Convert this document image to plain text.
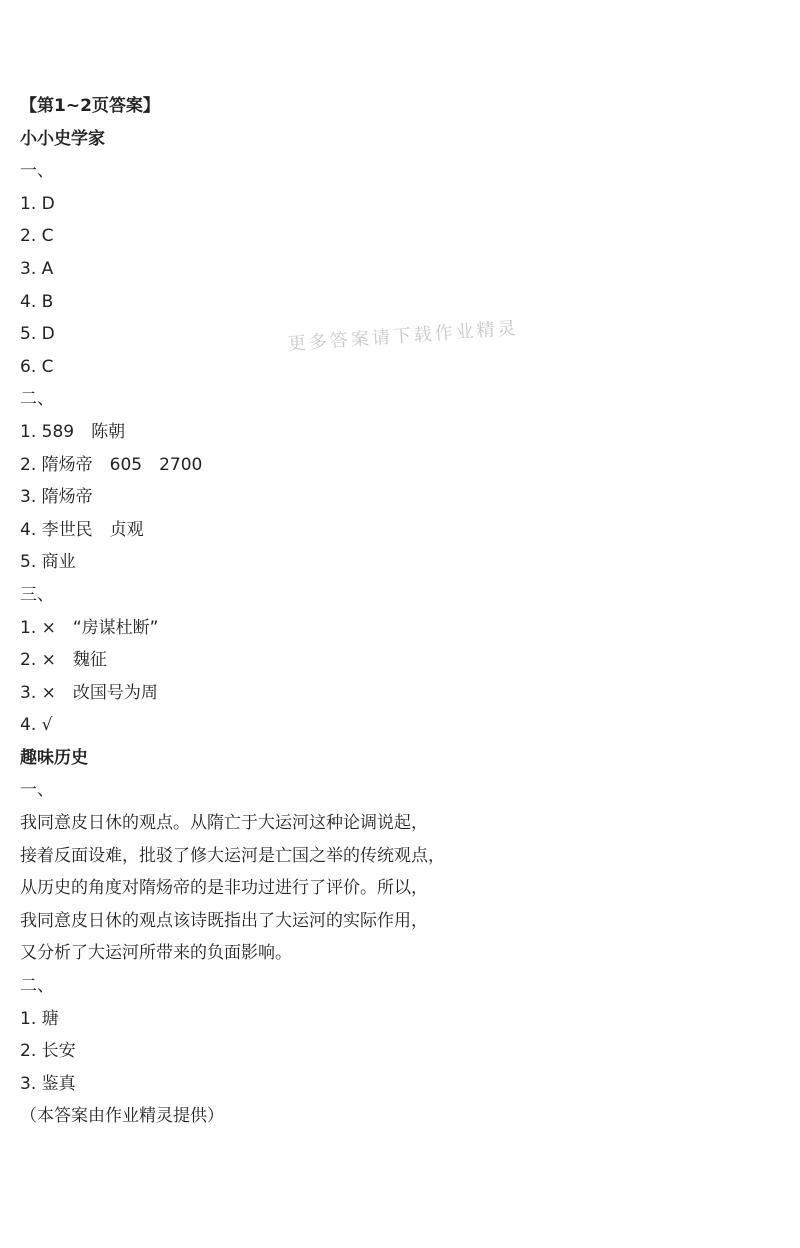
【第1~2页答案】

小小史学家

一、

1. D

2. C

3. A

4. B

5. D

6. C

二、

1. 589　陈朝

2. 隋炀帝　605　2700

3. 隋炀帝

4. 李世民　贞观

5. 商业

三、

1. ×　“房谋杜断”

2. ×　魏征

3. ×　改国号为周

4. √

趣味历史

一、

我同意皮日休的观点。从隋亡于大运河这种论调说起，

接着反面设难，批驳了修大运河是亡国之举的传统观点，

从历史的角度对隋炀帝的是非功过进行了评价。所以，

我同意皮日休的观点该诗既指出了大运河的实际作用，

又分析了大运河所带来的负面影响。

二、

1. 瑭

2. 长安

3. 鉴真

（本答案由作业精灵提供）

更多答案请下载作业精灵
